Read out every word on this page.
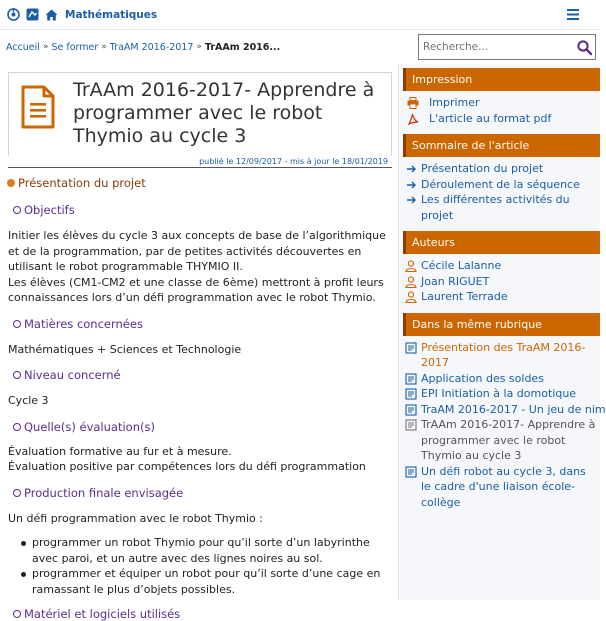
Mathématiques
Accueil » Se former » TraAM 2016-2017 » TrAAm 2016...
Recherche...
TrAAm 2016-2017- Apprendre à programmer avec le robot Thymio au cycle 3
publié le 12/09/2017 - mis à jour le 18/01/2019
Présentation du projet
Objectifs

Initier les élèves du cycle 3 aux concepts de base de l’algorithmique et de la programmation, par de petites activités découvertes en utilisant le robot programmable THYMIO II.

Les élèves (CM1-CM2 et une classe de 6ème) mettront à profit leurs connaissances lors d’un défi programmation avec le robot Thymio.

Matières concernées

Mathématiques + Sciences et Technologie

Niveau concerné

Cycle 3

Quelle(s) évaluation(s)

Évaluation formative au fur et à mesure.

Évaluation positive par compétences lors du défi programmation

Production finale envisagée

Un défi programmation avec le robot Thymio :

programmer un robot Thymio pour qu’il sorte d’un labyrinthe avec paroi, et un autre avec des lignes noires au sol.
programmer et équiper un robot pour qu’il sorte d’une cage en ramassant le plus d’objets possibles.
Matériel et logiciels utilisés
Impression
Imprimer
L'article au format pdf
Sommaire de l'article
Présentation du projet
Déroulement de la séquence
Les différentes activités du projet
Auteurs
Cécile Lalanne
Joan RIGUET
Laurent Terrade
Dans la même rubrique
Présentation des TraAM 2016-2017
Application des soldes
EPI Initiation à la domotique
TraAM 2016-2017 - Un jeu de nim
TrAAm 2016-2017- Apprendre à programmer avec le robot Thymio au cycle 3
Un défi robot au cycle 3, dans le cadre d'une liaison école-collège
